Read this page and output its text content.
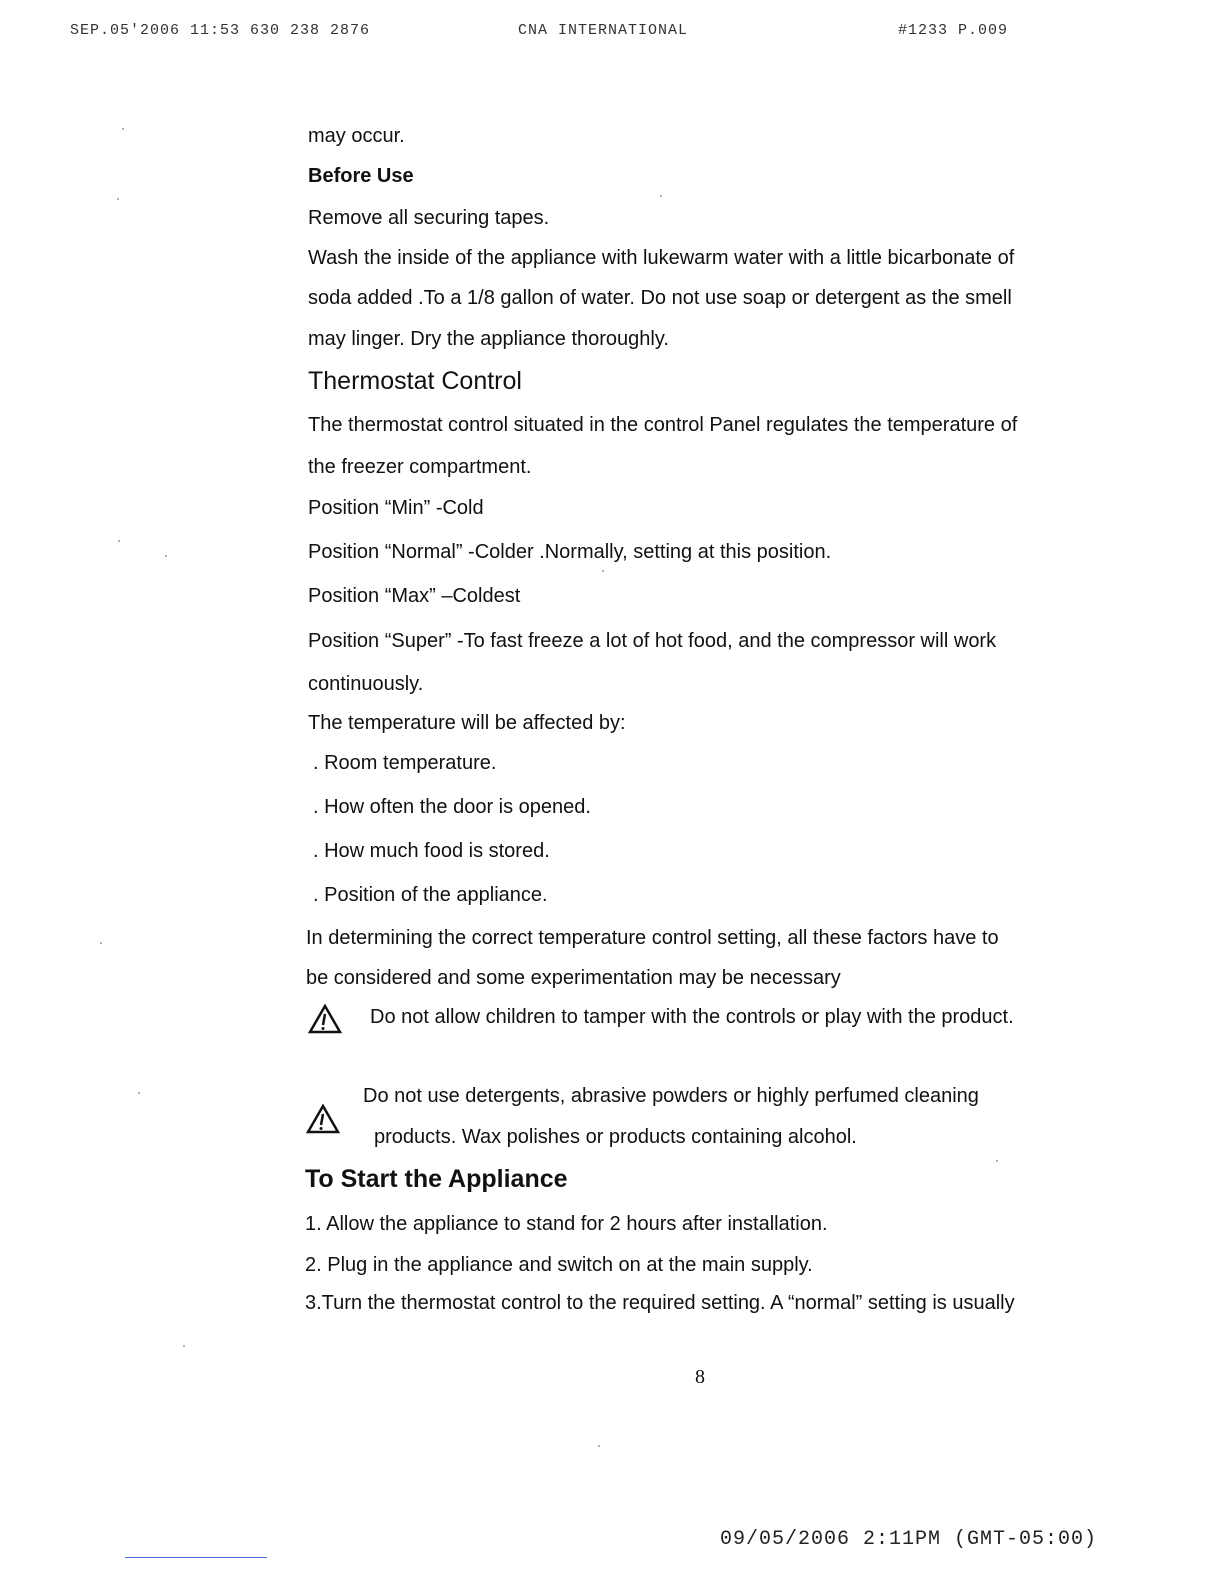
SEP.05'2006 11:53 630 238 2876	CNA INTERNATIONAL	#1233 P.009
may occur.
Before Use
Remove all securing tapes.
Wash the inside of the appliance with lukewarm water with a little bicarbonate of
soda added .To a 1/8 gallon of water. Do not use soap or detergent as the smell
may linger. Dry the appliance thoroughly.
Thermostat Control
The thermostat control situated in the control Panel regulates the temperature of
the freezer compartment.
Position “Min” -Cold
Position “Normal” -Colder .Normally, setting at this position.
Position “Max” –Coldest
Position “Super” -To fast freeze a lot of hot food, and the compressor will work
continuously.
The temperature will be affected by:
. Room temperature.
. How often the door is opened.
. How much food is stored.
. Position of the appliance.
In determining the correct temperature control setting, all these factors have to
be considered and some experimentation may be necessary
Do not allow children to tamper with the controls or play with the product.
Do not use detergents, abrasive powders or highly perfumed cleaning
products. Wax polishes or products containing alcohol.
To Start the Appliance
1. Allow the appliance to stand for 2 hours after installation.
2. Plug in the appliance and switch on at the main supply.
3.Turn the thermostat control to the required setting. A “normal” setting is usually
8
09/05/2006 2:11PM (GMT-05:00)
